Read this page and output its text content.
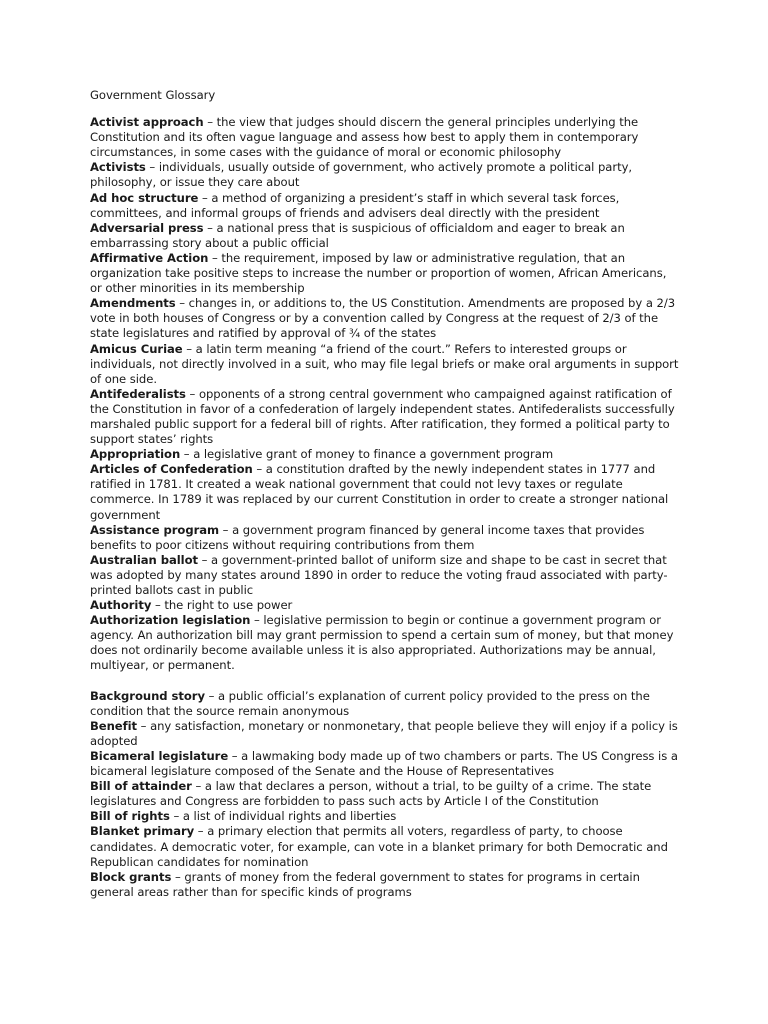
Government Glossary

Activist approach – the view that judges should discern the general principles underlying the Constitution and its often vague language and assess how best to apply them in contemporary circumstances, in some cases with the guidance of moral or economic philosophy

Activists – individuals, usually outside of government, who actively promote a political party, philosophy, or issue they care about

Ad hoc structure – a method of organizing a president’s staff in which several task forces, committees, and informal groups of friends and advisers deal directly with the president

Adversarial press – a national press that is suspicious of officialdom and eager to break an embarrassing story about a public official

Affirmative Action – the requirement, imposed by law or administrative regulation, that an organization take positive steps to increase the number or proportion of women, African Americans, or other minorities in its membership

Amendments – changes in, or additions to, the US Constitution. Amendments are proposed by a 2/3 vote in both houses of Congress or by a convention called by Congress at the request of 2/3 of the state legislatures and ratified by approval of ¾ of the states

Amicus Curiae – a latin term meaning “a friend of the court.” Refers to interested groups or individuals, not directly involved in a suit, who may file legal briefs or make oral arguments in support of one side.

Antifederalists – opponents of a strong central government who campaigned against ratification of the Constitution in favor of a confederation of largely independent states. Antifederalists successfully marshaled public support for a federal bill of rights. After ratification, they formed a political party to support states’ rights

Appropriation – a legislative grant of money to finance a government program

Articles of Confederation – a constitution drafted by the newly independent states in 1777 and ratified in 1781. It created a weak national government that could not levy taxes or regulate commerce. In 1789 it was replaced by our current Constitution in order to create a stronger national government

Assistance program – a government program financed by general income taxes that provides benefits to poor citizens without requiring contributions from them

Australian ballot – a government-printed ballot of uniform size and shape to be cast in secret that was adopted by many states around 1890 in order to reduce the voting fraud associated with party-printed ballots cast in public

Authority – the right to use power

Authorization legislation – legislative permission to begin or continue a government program or agency. An authorization bill may grant permission to spend a certain sum of money, but that money does not ordinarily become available unless it is also appropriated. Authorizations may be annual, multiyear, or permanent.

Background story – a public official’s explanation of current policy provided to the press on the condition that the source remain anonymous

Benefit – any satisfaction, monetary or nonmonetary, that people believe they will enjoy if a policy is adopted

Bicameral legislature – a lawmaking body made up of two chambers or parts. The US Congress is a bicameral legislature composed of the Senate and the House of Representatives

Bill of attainder – a law that declares a person, without a trial, to be guilty of a crime. The state legislatures and Congress are forbidden to pass such acts by Article I of the Constitution

Bill of rights – a list of individual rights and liberties

Blanket primary – a primary election that permits all voters, regardless of party, to choose candidates. A democratic voter, for example, can vote in a blanket primary for both Democratic and Republican candidates for nomination

Block grants – grants of money from the federal government to states for programs in certain general areas rather than for specific kinds of programs
